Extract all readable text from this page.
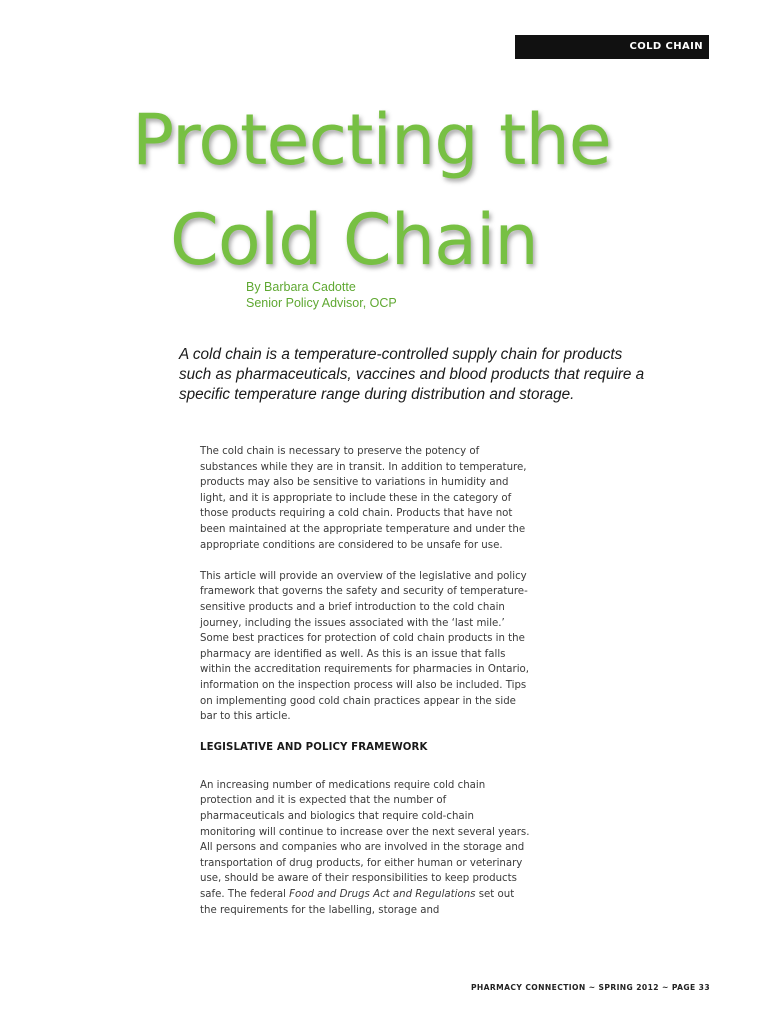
COLD CHAIN
Protecting the
Cold Chain
By Barbara Cadotte
Senior Policy Advisor, OCP

A cold chain is a temperature-controlled supply chain for products such as pharmaceuticals, vaccines and blood products that require a specific temperature range during distribution and storage.

The cold chain is necessary to preserve the potency of substances while they are in transit. In addition to temperature, products may also be sensitive to variations in humidity and light, and it is appropriate to include these in the category of those products requiring a cold chain. Products that have not been maintained at the appropriate temperature and under the appropriate conditions are considered to be unsafe for use.

This article will provide an overview of the legislative and policy framework that governs the safety and security of temperature-sensitive products and a brief introduction to the cold chain journey, including the issues associated with the ‘last mile.’ Some best practices for protection of cold chain products in the pharmacy are identified as well. As this is an issue that falls within the accreditation requirements for pharmacies in Ontario, information on the inspection process will also be included. Tips on implementing good cold chain practices appear in the side bar to this article.

LEGISLATIVE AND POLICY FRAMEWORK

An increasing number of medications require cold chain protection and it is expected that the number of pharmaceuticals and biologics that require cold-chain monitoring will continue to increase over the next several years. All persons and companies who are involved in the storage and transportation of drug products, for either human or veterinary use, should be aware of their responsibilities to keep products safe. The federal Food and Drugs Act and Regulations set out the requirements for the labelling, storage and

PHARMACY CONNECTION ~ SPRING 2012 ~ PAGE 33
